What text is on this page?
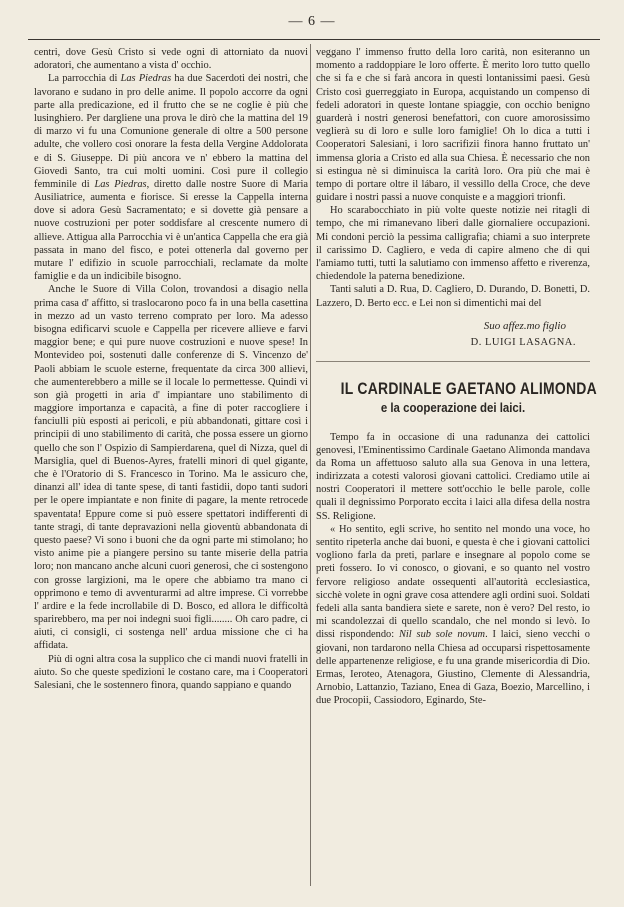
— 6 —

centri, dove Gesù Cristo si vede ogni dì attorniato da nuovi adoratori, che aumentano a vista d' occhio.

La parrocchia di Las Piedras ha due Sacerdoti dei nostri, che lavorano e sudano in pro delle anime. Il popolo accorre da ogni parte alla predicazione, ed il frutto che se ne coglie è più che lusinghiero. Per dargliene una prova le dirò che la mattina del 19 di marzo vi fu una Comunione generale di oltre a 500 persone adulte, che vollero così onorare la festa della Vergine Addolorata e di S. Giuseppe. Di più ancora ve n' ebbero la mattina del Giovedì Santo, tra cui molti uomini. Così pure il collegio femminile di Las Piedras, diretto dalle nostre Suore di Maria Ausiliatrice, aumenta e fiorisce. Si eresse la Cappella interna dove si adora Gesù Sacramentato; e si dovette già pensare a nuove costruzioni per poter soddisfare al crescente numero di allieve. Attigua alla Parrocchia vi è un'antica Cappella che era già passata in mano del fisco, e potei ottenerla dal governo per mutare l' edifizio in scuole parrocchiali, reclamate da molte famiglie e da un indicibile bisogno.

Anche le Suore di Villa Colon, trovandosi a disagio nella prima casa d' affitto, si traslocarono poco fa in una bella casettina in mezzo ad un vasto terreno comprato per loro. Ma adesso bisogna edificarvi scuole e Cappella per ricevere allieve e farvi maggior bene; e qui pure nuove costruzioni e nuove spese! In Montevideo poi, sostenuti dalle conferenze di S. Vincenzo de' Paoli abbiam le scuole esterne, frequentate da circa 300 allievi, che aumenterebbero a mille se il locale lo permettesse. Quindi vi son già progetti in aria d' impiantare uno stabilimento di maggiore importanza e capacità, a fine di poter raccogliere i fanciulli più esposti ai pericoli, e più abbandonati, gittare così i principii di uno stabilimento di carità, che possa essere un giorno quello che son l' Ospizio di Sampierdarena, quel di Nizza, quel di Marsiglia, quel di Buenos-Ayres, fratelli minori di quel gigante, che è l'Oratorio di S. Francesco in Torino. Ma le assicuro che, dinanzi all' idea di tante spese, di tanti fastidii, dopo tanti sudori per le opere impiantate e non finite di pagare, la mente retrocede spaventata! Eppure come si può essere spettatori indifferenti di tante stragi, di tante depravazioni nella gioventù abbandonata di questo paese? Vi sono i buoni che da ogni parte mi stimolano; ho visto anime pie a piangere persino su tante miserie della patria loro; non mancano anche alcuni cuori generosi, che ci sostengono con grosse largizioni, ma le opere che abbiamo tra mano ci opprimono e temo di avventurarmi ad altre imprese. Ci vorrebbe l' ardire e la fede incrollabile di D. Bosco, ed allora le difficoltà sparirebbero, ma per noi indegni suoi figli........ Oh caro padre, ci aiuti, ci consigli, ci sostenga nell' ardua missione che ci ha affidata.

Più di ogni altra cosa la supplico che ci mandi nuovi fratelli in aiuto. So che queste spedizioni le costano care, ma i Cooperatori Salesiani, che le sostennero finora, quando sappiano e quando

veggano l' immenso frutto della loro carità, non esiteranno un momento a raddoppiare le loro offerte. È merito loro tutto quello che si fa e che si farà ancora in questi lontanissimi paesi. Gesù Cristo così guerreggiato in Europa, acquistando un compenso di fedeli adoratori in queste lontane spiaggie, con occhio benigno guarderà i nostri generosi benefattori, con cuore amorosissimo veglierà su di loro e sulle loro famiglie! Oh lo dica a tutti i Cooperatori Salesiani, i loro sacrifizii finora hanno fruttato un' immensa gloria a Cristo ed alla sua Chiesa. È necessario che non si estingua nè si diminuisca la carità loro. Ora più che mai è tempo di portare oltre il lábaro, il vessillo della Croce, che deve guidare i nostri passi a nuove conquiste e a maggiori trionfi.

Ho scarabocchiato in più volte queste notizie nei ritagli di tempo, che mi rimanevano liberi dalle giornaliere occupazioni. Mi condoni perciò la pessima calligrafia; chiami a suo interprete il carissimo D. Cagliero, e veda di capire almeno che di qui l'amiamo tutti, tutti la salutiamo con immenso affetto e riverenza, chiedendole la paterna benedizione.

Tanti saluti a D. Rua, D. Cagliero, D. Durando, D. Bonetti, D. Lazzero, D. Berto ecc. e Lei non si dimentichi mai del

Suo affez.mo figlio
D. LUIGI LASAGNA.
IL CARDINALE GAETANO ALIMONDA
e la cooperazione dei laici.

Tempo fa in occasione di una radunanza dei cattolici genovesi, l'Eminentissimo Cardinale Gaetano Alimonda mandava da Roma un affettuoso saluto alla sua Genova in una lettera, indirizzata a cotesti valorosi giovani cattolici. Crediamo utile ai nostri Cooperatori il mettere sott'occhio le belle parole, colle quali il degnissimo Porporato eccita i laici alla difesa della nostra SS. Religione.

« Ho sentito, egli scrive, ho sentito nel mondo una voce, ho sentito ripeterla anche dai buoni, e questa è che i giovani cattolici vogliono farla da preti, parlare e insegnare al popolo come se preti fossero. Io vi conosco, o giovani, e so quanto nel vostro fervore religioso andate ossequenti all'autorità ecclesiastica, sicchè volete in ogni grave cosa attendere agli ordini suoi. Soldati fedeli alla santa bandiera siete e sarete, non è vero? Del resto, io mi scandolezzai di quello scandalo, che nel mondo si levò. Io dissi rispondendo: Nil sub sole novum. I laici, sieno vecchi o giovani, non tardarono nella Chiesa ad occuparsi rispettosamente delle appartenenze religiose, e fu una grande misericordia di Dio. Ermas, Ieroteo, Atenagora, Giustino, Clemente di Alessandria, Arnobio, Lattanzio, Taziano, Enea di Gaza, Boezio, Marcellino, i due Procopii, Cassiodoro, Eginardo, Ste-
